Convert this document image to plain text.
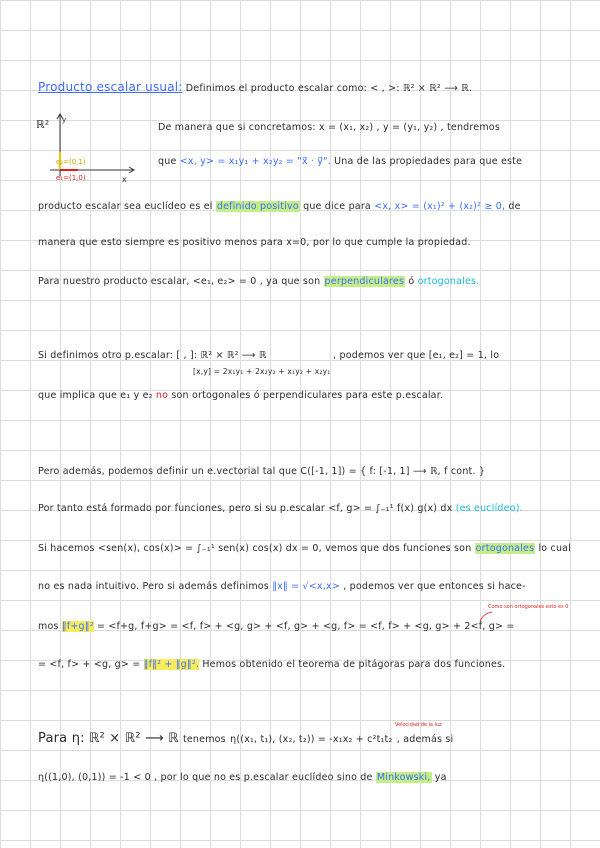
Producto escalar usual: Definimos el producto escalar como: < , >: ℝ² × ℝ² ⟶ ℝ.
ℝ² y
x
e₂=(0,1)
e₁=(1,0)
De manera que si concretamos: x = (x₁, x₂) , y = (y₁, y₂) , tendremos
que <x, y> = x₁y₁ + x₂y₂ = "x⃗ · y⃗". Una de las propiedades para que este
producto escalar sea euclídeo es el definido positivo que dice para <x, x> = (x₁)² + (x₂)² ≥ 0, de
manera que esto siempre es positivo menos para x=0, por lo que cumple la propiedad.
Para nuestro producto escalar, <e₁, e₂> = 0 , ya que son perpendiculares ó ortogonales.
Si definimos otro p.escalar: [ , ]: ℝ² × ℝ² ⟶ ℝ	, podemos ver que [e₁, e₂] = 1, lo
[x,y] = 2x₁y₁ + 2x₂y₂ + x₁y₂ + x₂y₁
que implica que e₁ y e₂ no son ortogonales ó perpendiculares para este p.escalar.
Pero además, podemos definir un e.vectorial tal que C([-1, 1]) = { f: [-1, 1] ⟶ ℝ, f cont. }
Por tanto está formado por funciones, pero si su p.escalar <f, g> = ∫₋₁¹ f(x) g(x) dx (es euclídeo).
Si hacemos <sen(x), cos(x)> = ∫₋₁¹ sen(x) cos(x) dx = 0, vemos que dos funciones son ortogonales lo cual
no es nada intuitivo. Pero si además definimos ‖x‖ = √<x,x> , podemos ver que entonces si hace-
Como son ortogonales esto es 0
mos ‖f+g‖² = <f+g, f+g> = <f, f> + <g, g> + <f, g> + <g, f> = <f, f> + <g, g> + 2<f, g> =
= <f, f> + <g, g> = ‖f‖² + ‖g‖². Hemos obtenido el teorema de pitágoras para dos funciones.
Velocidad de la luz
Para η: ℝ² × ℝ² ⟶ ℝ tenemos η((x₁, t₁), (x₂, t₂)) = -x₁x₂ + c²t₁t₂ , además si
η((1,0), (0,1)) = -1 < 0 , por lo que no es p.escalar euclídeo sino de Minkowski, ya
